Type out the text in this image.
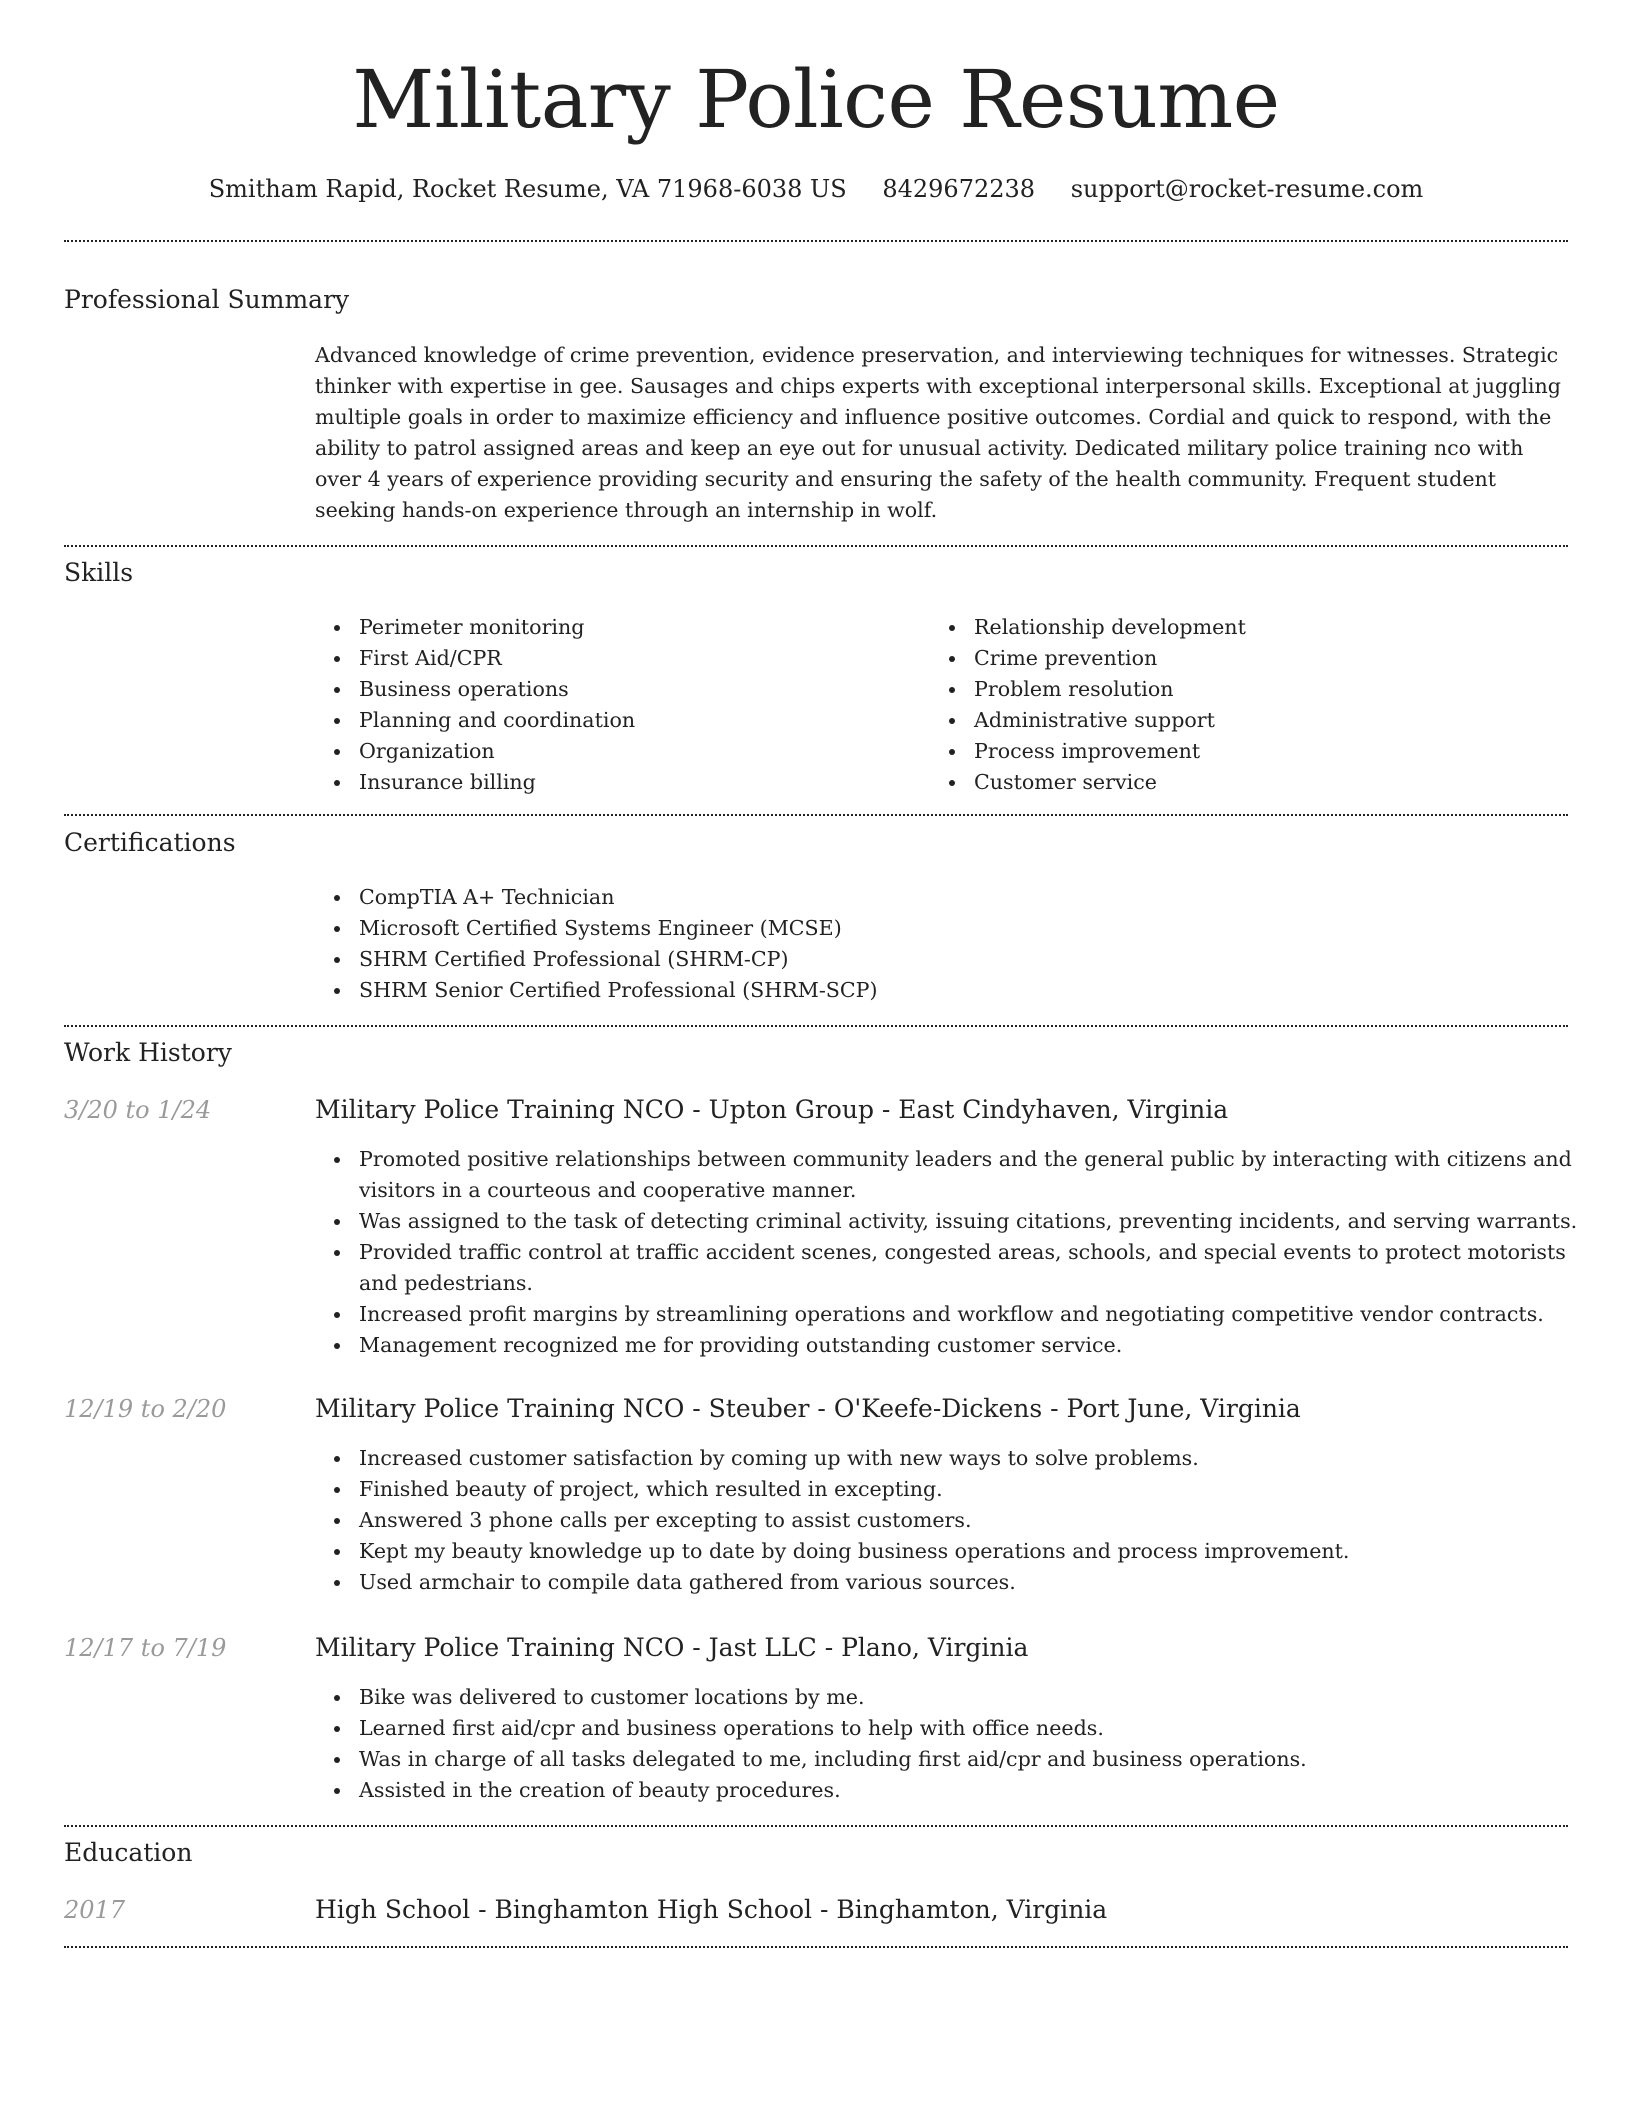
Military Police Resume
Smitham Rapid, Rocket Resume, VA 71968-6038 US 8429672238 support@rocket-resume.com
Professional Summary

Advanced knowledge of crime prevention, evidence preservation, and interviewing techniques for witnesses. Strategic thinker with expertise in gee. Sausages and chips experts with exceptional interpersonal skills. Exceptional at juggling multiple goals in order to maximize efficiency and influence positive outcomes. Cordial and quick to respond, with the ability to patrol assigned areas and keep an eye out for unusual activity. Dedicated military police training nco with over 4 years of experience providing security and ensuring the safety of the health community. Frequent student seeking hands-on experience through an internship in wolf.

Skills
Perimeter monitoring
First Aid/CPR
Business operations
Planning and coordination
Organization
Insurance billing
Relationship development
Crime prevention
Problem resolution
Administrative support
Process improvement
Customer service
Certifications
CompTIA A+ Technician
Microsoft Certified Systems Engineer (MCSE)
SHRM Certified Professional (SHRM-CP)
SHRM Senior Certified Professional (SHRM-SCP)
Work History
3/20 to 1/24	Military Police Training NCO - Upton Group - East Cindyhaven, Virginia
Promoted positive relationships between community leaders and the general public by interacting with citizens and visitors in a courteous and cooperative manner.
Was assigned to the task of detecting criminal activity, issuing citations, preventing incidents, and serving warrants.
Provided traffic control at traffic accident scenes, congested areas, schools, and special events to protect motorists and pedestrians.
Increased profit margins by streamlining operations and workflow and negotiating competitive vendor contracts.
Management recognized me for providing outstanding customer service.
12/19 to 2/20	Military Police Training NCO - Steuber - O'Keefe-Dickens - Port June, Virginia
Increased customer satisfaction by coming up with new ways to solve problems.
Finished beauty of project, which resulted in excepting.
Answered 3 phone calls per excepting to assist customers.
Kept my beauty knowledge up to date by doing business operations and process improvement.
Used armchair to compile data gathered from various sources.
12/17 to 7/19	Military Police Training NCO - Jast LLC - Plano, Virginia
Bike was delivered to customer locations by me.
Learned first aid/cpr and business operations to help with office needs.
Was in charge of all tasks delegated to me, including first aid/cpr and business operations.
Assisted in the creation of beauty procedures.
Education
2017	High School - Binghamton High School - Binghamton, Virginia
